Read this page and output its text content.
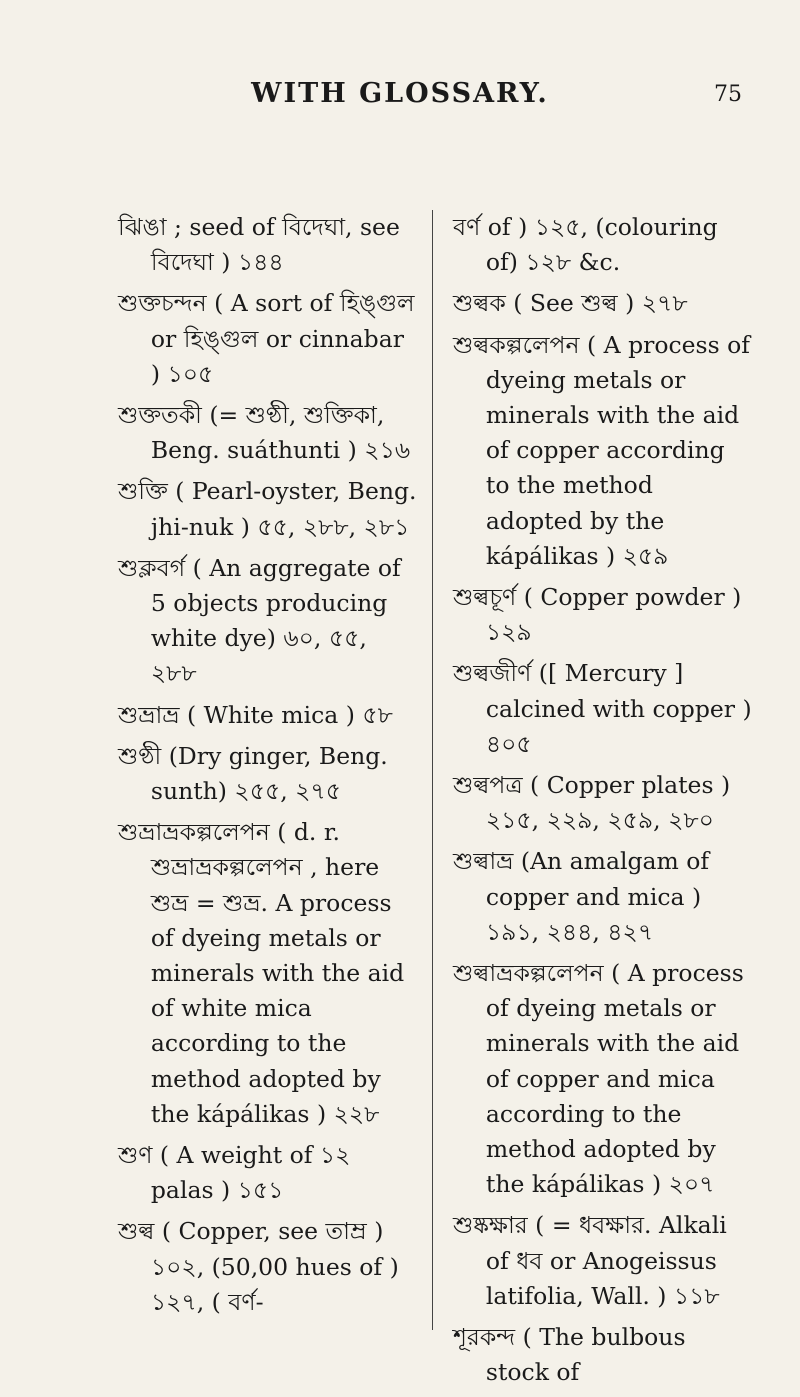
WITH GLOSSARY.	75
ঝিঙা ; seed of বিদেঘা, see বিদেঘা ) ১৪৪
শুক্তচন্দন ( A sort of হিঙ্গুল or হিঙ্গুল or cinnabar ) ১০৫
শুক্ততকী (= শুণ্ঠী, শুক্তিকা, Beng. suáthunti ) ২১৬
শুক্তি ( Pearl-oyster, Beng. jhi-nuk ) ৫৫, ২৮৮, ২৮১
শুক্লবর্গ ( An aggregate of 5 objects producing white dye) ৬০, ৫৫, ২৮৮
শুভ্রাভ্র ( White mica ) ৫৮
শুণ্ঠী (Dry ginger, Beng. sunth) ২৫৫, ২৭৫
শুভ্রাভ্রকল্পলেপন ( d. r. শুভ্রাভ্রকল্পলেপন , here শুভ্র = শুভ্র. A process of dyeing metals or minerals with the aid of white mica according to the method adopted by the kápálikas ) ২২৮
শুণ ( A weight of ১২ palas ) ১৫১
শুল্ব ( Copper, see তাম্র ) ১০২, (50,00 hues of ) ১২৭, ( বর্ণ-
বর্ণ of ) ১২৫, (colouring of) ১২৮ &c.
শুল্বক ( See শুল্ব ) ২৭৮
শুল্বকল্পলেপন ( A process of dyeing metals or minerals with the aid of copper according to the method adopted by the kápálikas ) ২৫৯
শুল্বচূর্ণ ( Copper powder ) ১২৯
শুল্বজীর্ণ ([ Mercury ] calcined with copper ) ৪০৫
শুল্বপত্র ( Copper plates ) ২১৫, ২২৯, ২৫৯, ২৮০
শুল্বাভ্র (An amalgam of copper and mica ) ১৯১, ২৪৪, ৪২৭
শুল্বাভ্রকল্পলেপন ( A process of dyeing metals or minerals with the aid of copper and mica according to the method adopted by the kápálikas ) ২০৭
শুষ্কক্ষার ( = ধবক্ষার. Alkali of ধব or Anogeissus latifolia, Wall. ) ১১৮
শূরকন্দ ( The bulbous stock of
